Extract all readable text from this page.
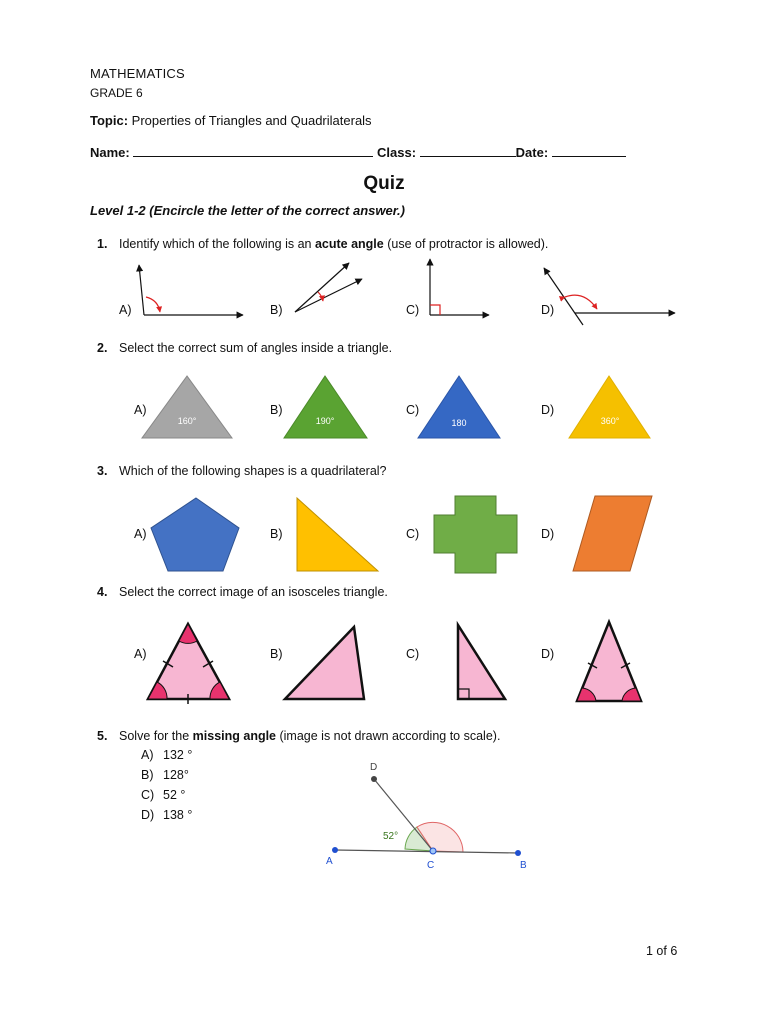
MATHEMATICS
GRADE 6
Topic: Properties of Triangles and Quadrilaterals
Name:	Class:	Date:
Quiz
Level 1-2 (Encircle the letter of the correct answer.)
1. Identify which of the following is an acute angle (use of protractor is allowed).
A)	B)	C)	D)
2. Select the correct sum of angles inside a triangle.
A)	B)	C)	D)
3. Which of the following shapes is a quadrilateral?
A)	B)	C)	D)
4. Select the correct image of an isosceles triangle.
A)	B)	C)	D)
5. Solve for the missing angle (image is not drawn according to scale).
A) 132 °
B) 128°
C) 52 °
D) 138 °
1 of 6
160°	190°	180	360°
D
A	C	B
52°
